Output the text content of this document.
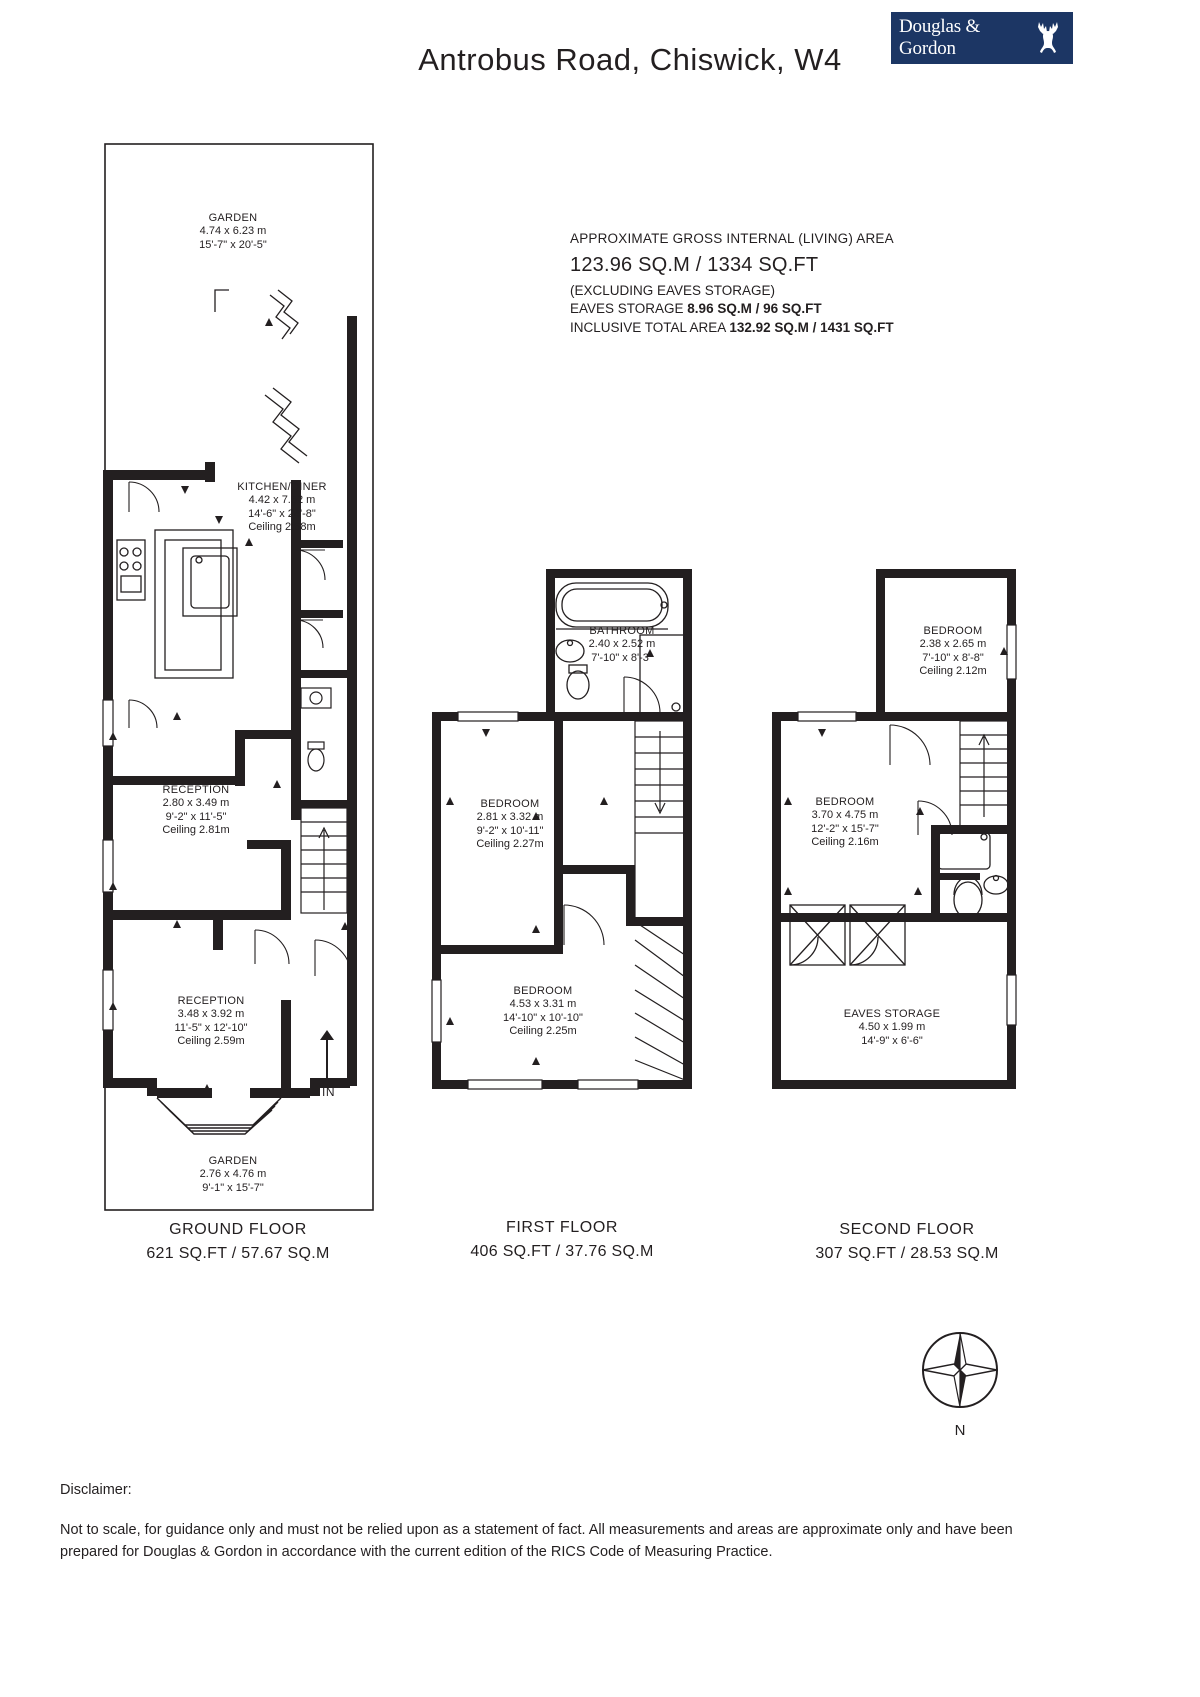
Douglas & Gordon
Antrobus Road, Chiswick, W4
APPROXIMATE GROSS INTERNAL (LIVING) AREA
123.96 SQ.M / 1334 SQ.FT
(EXCLUDING EAVES STORAGE)
EAVES STORAGE 8.96 SQ.M / 96 SQ.FT
INCLUSIVE TOTAL AREA 132.92 SQ.M / 1431 SQ.FT
GARDEN
4.74 x 6.23 m
15'-7" x 20'-5"
KITCHEN/DINER
4.42 x 7.52 m
14'-6" x 24'-8"
Ceiling 2.58m
RECEPTION
2.80 x 3.49 m
9'-2" x 11'-5"
Ceiling 2.81m
RECEPTION
3.48 x 3.92 m
11'-5" x 12'-10"
Ceiling 2.59m
GARDEN
2.76 x 4.76 m
9'-1" x 15'-7"
IN
BATHROOM
2.40 x 2.52 m
7'-10" x 8'-3"
BEDROOM
2.81 x 3.32 m
9'-2" x 10'-11"
Ceiling 2.27m
BEDROOM
4.53 x 3.31 m
14'-10" x 10'-10"
Ceiling 2.25m
BEDROOM
2.38 x 2.65 m
7'-10" x 8'-8"
Ceiling 2.12m
BEDROOM
3.70 x 4.75 m
12'-2" x 15'-7"
Ceiling 2.16m
EAVES STORAGE
4.50 x 1.99 m
14'-9" x 6'-6"
GROUND FLOOR
621 SQ.FT / 57.67 SQ.M
FIRST FLOOR
406 SQ.FT / 37.76 SQ.M
SECOND FLOOR
307 SQ.FT / 28.53 SQ.M
N
Disclaimer:
Not to scale, for guidance only and must not be relied upon as a statement of fact. All measurements and areas are approximate only and have been prepared for Douglas & Gordon in accordance with the current edition of the RICS Code of Measuring Practice.
